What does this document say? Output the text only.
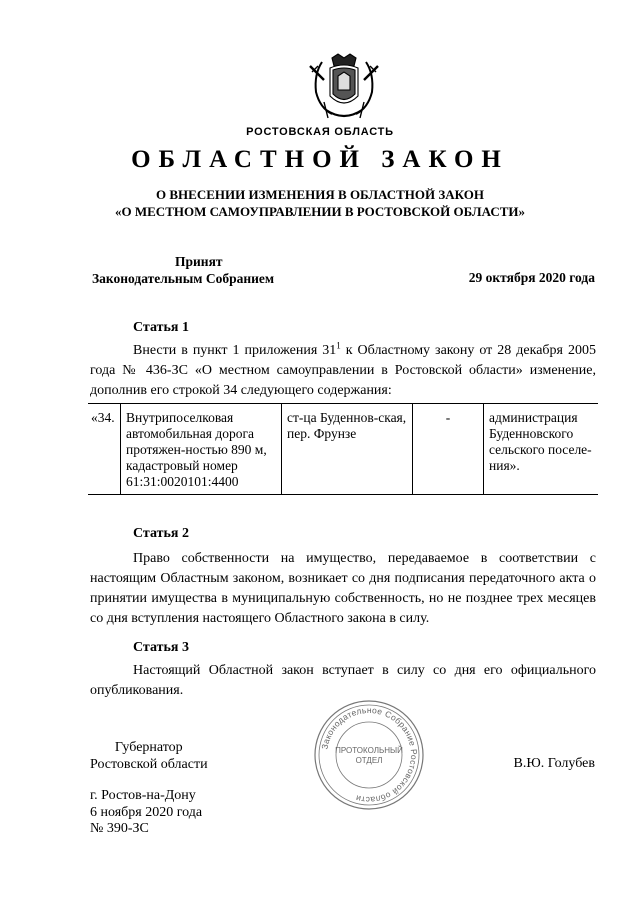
РОСТОВСКАЯ ОБЛАСТЬ
ОБЛАСТНОЙ ЗАКОН
О ВНЕСЕНИИ ИЗМЕНЕНИЯ В ОБЛАСТНОЙ ЗАКОН
«О МЕСТНОМ САМОУПРАВЛЕНИИ В РОСТОВСКОЙ ОБЛАСТИ»
Принят
Законодательным Собранием	29 октября 2020 года
Статья 1

Внести в пункт 1 приложения $31^1$ к Областному закону от 28 декабря 2005 года № 436-ЗС «О местном самоуправлении в Ростовской области» изменение, дополнив его строкой 34 следующего содержания:

«34.	Внутрипоселковая автомобильная дорога протяжен-ностью 890 м, кадастровый номер 61:31:0020101:4400	ст-ца Буденнов-ская, пер. Фрунзе	-	администрация Буденновского сельского поселе-ния».
Статья 2

Право собственности на имущество, передаваемое в соответствии с настоящим Областным законом, возникает со дня подписания передаточного акта о принятии имущества в муниципальную собственность, но не позднее трех месяцев со дня вступления настоящего Областного закона в силу.

Статья 3

Настоящий Областной закон вступает в силу со дня его официального опубликования.

Губернатор
Ростовской области	В.Ю. Голубев
Законодательное Собрание Ростовской области
ПРОТОКОЛЬНЫЙ
ОТДЕЛ
г. Ростов-на-Дону
6 ноября 2020 года
№ 390-ЗС
